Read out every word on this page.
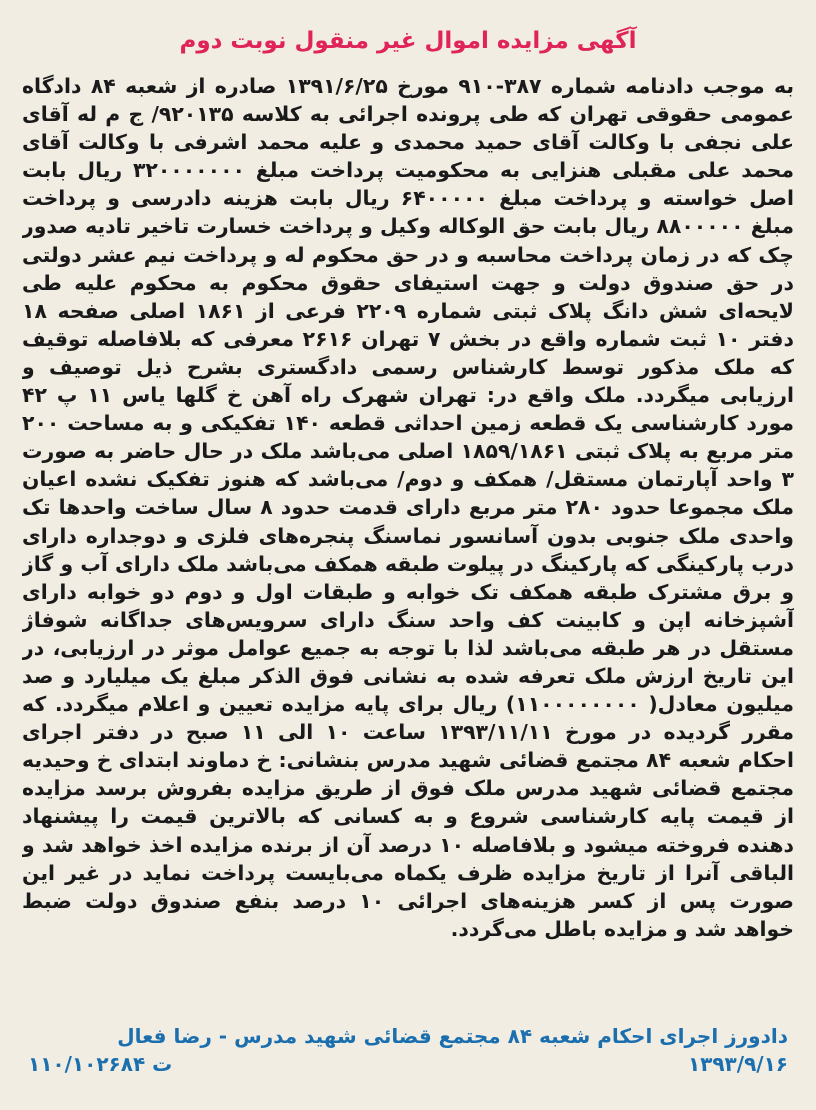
آگهی مزایده اموال غیر منقول نوبت دوم
به موجب دادنامه شماره ۳۸۷-۹۱۰ مورخ ۱۳۹۱/۶/۲۵ صادره از شعبه ۸۴ دادگاه عمومی حقوقی تهران که طی پرونده اجرائی به کلاسه ۹۲۰۱۳۵/ ج م له آقای علی نجفی با وکالت آقای حمید محمدی و علیه محمد اشرفی با وکالت آقای محمد علی مقبلی هنزایی به محکومیت پرداخت مبلغ ۳۲۰۰۰۰۰۰۰ ریال بابت اصل خواسته و پرداخت مبلغ ۶۴۰۰۰۰۰ ریال بابت هزینه دادرسی و پرداخت مبلغ ۸۸۰۰۰۰۰ ریال بابت حق الوکاله وکیل و پرداخت خسارت تاخیر تادیه صدور چک که در زمان پرداخت محاسبه و در حق محکوم له و پرداخت نیم عشر دولتی در حق صندوق دولت و جهت استیفای حقوق محکوم به محکوم علیه طی لایحه‌ای شش دانگ پلاک ثبتی شماره ۲۲۰۹ فرعی از ۱۸۶۱ اصلی صفحه ۱۸ دفتر ۱۰ ثبت شماره واقع در بخش ۷ تهران ۲۶۱۶ معرفی که بلافاصله توقیف که ملک مذکور توسط کارشناس رسمی دادگستری بشرح ذیل توصیف و ارزیابی میگردد. ملک واقع در: تهران شهرک راه آهن خ گلها یاس ۱۱ پ ۴۲ مورد کارشناسی یک قطعه زمین احداثی قطعه ۱۴۰ تفکیکی و به مساحت ۲۰۰ متر مربع به پلاک ثبتی ۱۸۵۹/۱۸۶۱ اصلی می‌باشد ملک در حال حاضر به صورت ۳ واحد آپارتمان مستقل/ همکف و دوم/ می‌باشد که هنوز تفکیک نشده اعیان ملک مجموعا حدود ۲۸۰ متر مربع دارای قدمت حدود ۸ سال ساخت واحدها تک واحدی ملک جنوبی بدون آسانسور نماسنگ پنجره‌های فلزی و دوجداره دارای درب پارکینگی که پارکینگ در پیلوت طبقه همکف می‌باشد ملک دارای آب و گاز و برق مشترک طبقه همکف تک خوابه و طبقات اول و دوم دو خوابه دارای آشپزخانه اپن و کابینت کف واحد سنگ دارای سرویس‌های جداگانه شوفاژ مستقل در هر طبقه می‌باشد لذا با توجه به جمیع عوامل موثر در ارزیابی، در این تاریخ ارزش ملک تعرفه شده به نشانی فوق الذکر مبلغ یک میلیارد و صد میلیون معادل( ۱۱۰۰۰۰۰۰۰۰) ریال برای پایه مزایده تعیین و اعلام میگردد. که مقرر گردیده در مورخ ۱۳۹۳/۱۱/۱۱ ساعت ۱۰ الی ۱۱ صبح در دفتر اجرای احکام شعبه ۸۴ مجتمع قضائی شهید مدرس بنشانی: خ دماوند ابتدای خ وحیدیه مجتمع قضائی شهید مدرس ملک فوق از طریق مزایده بفروش برسد مزایده از قیمت پایه کارشناسی شروع و به کسانی که بالاترین قیمت را پیشنهاد دهنده فروخته میشود و بلافاصله ۱۰ درصد آن از برنده مزایده اخذ خواهد شد و الباقی آنرا از تاریخ مزایده ظرف یکماه می‌بایست پرداخت نماید در غیر این صورت پس از کسر هزینه‌های اجرائی ۱۰ درصد بنفع صندوق دولت ضبط خواهد شد و مزایده باطل می‌گردد.
دادورز اجرای احکام شعبه ۸۴ مجتمع قضائی شهید مدرس - رضا فعال
۱۳۹۳/۹/۱۶
ت ۱۱۰/۱۰۲۶۸۴
